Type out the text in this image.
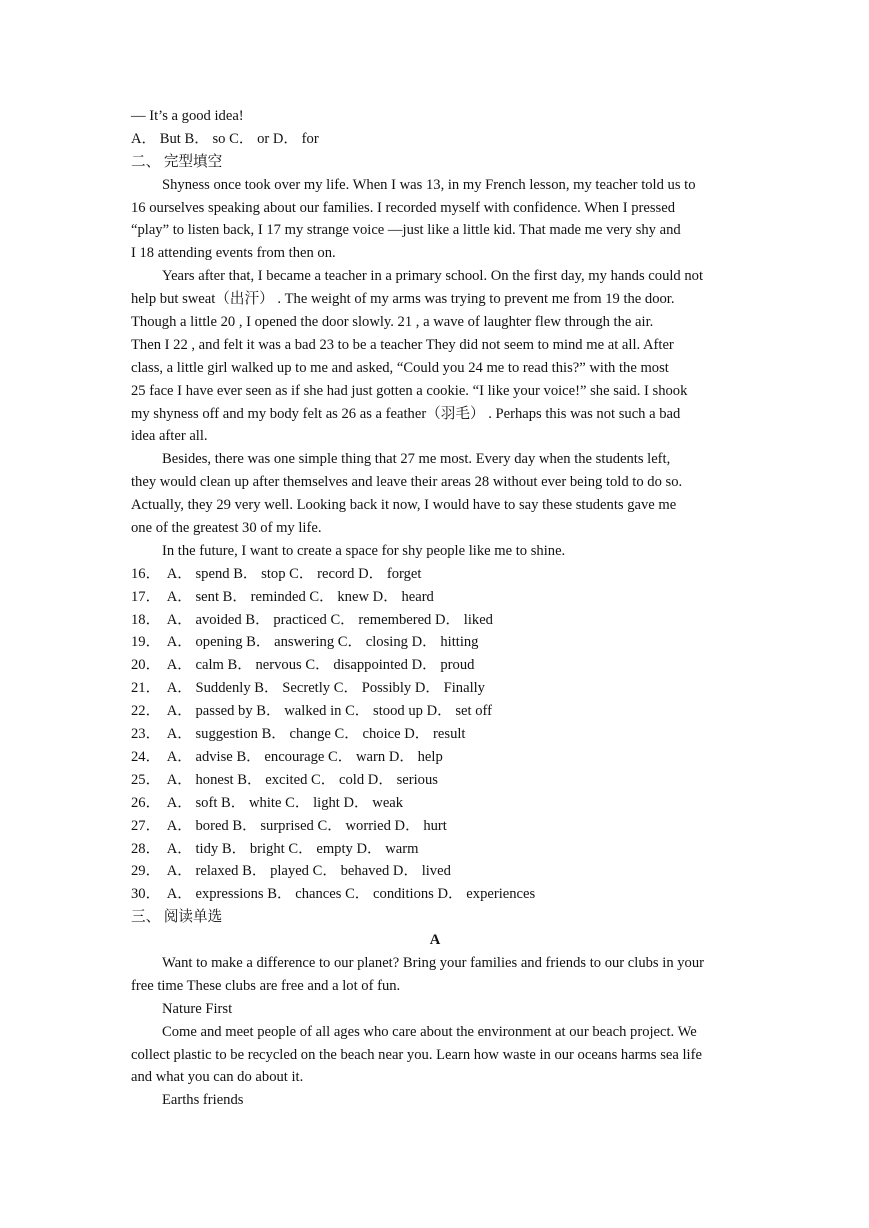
— It’s a good idea!
A． But B． so C． or D． for
二、 完型填空
Shyness once took over my life. When I was 13, in my French lesson, my teacher told us to
16 ourselves speaking about our families. I recorded myself with confidence. When I pressed
“play” to listen back, I 17 my strange voice —just like a little kid. That made me very shy and
I 18 attending events from then on.
Years after that, I became a teacher in a primary school. On the first day, my hands could not
help but sweat（出汗） . The weight of my arms was trying to prevent me from 19 the door.
Though a little 20 , I opened the door slowly. 21 , a wave of laughter flew through the air.
Then I 22 , and felt it was a bad 23 to be a teacher They did not seem to mind me at all. After
class, a little girl walked up to me and asked, “Could you 24 me to read this?” with the most
25 face I have ever seen as if she had just gotten a cookie. “I like your voice!” she said. I shook
my shyness off and my body felt as 26 as a feather（羽毛） . Perhaps this was not such a bad
idea after all.
Besides, there was one simple thing that 27 me most. Every day when the students left,
they would clean up after themselves and leave their areas 28 without ever being told to do so.
Actually, they 29 very well. Looking back it now, I would have to say these students gave me
one of the greatest 30 of my life.
In the future, I want to create a space for shy people like me to shine.
16． A． spend B． stop C． record D． forget
17． A． sent B． reminded C． knew D． heard
18． A． avoided B． practiced C． remembered D． liked
19． A． opening B． answering C． closing D． hitting
20． A． calm B． nervous C． disappointed D． proud
21． A． Suddenly B． Secretly C． Possibly D． Finally
22． A． passed by B． walked in C． stood up D． set off
23． A． suggestion B． change C． choice D． result
24． A． advise B． encourage C． warn D． help
25． A． honest B． excited C． cold D． serious
26． A． soft B． white C． light D． weak
27． A． bored B． surprised C． worried D． hurt
28． A． tidy B． bright C． empty D． warm
29． A． relaxed B． played C． behaved D． lived
30． A． expressions B． chances C． conditions D． experiences
三、 阅读单选
A
Want to make a difference to our planet? Bring your families and friends to our clubs in your
free time These clubs are free and a lot of fun.
Nature First
Come and meet people of all ages who care about the environment at our beach project. We
collect plastic to be recycled on the beach near you. Learn how waste in our oceans harms sea life
and what you can do about it.
Earths friends
